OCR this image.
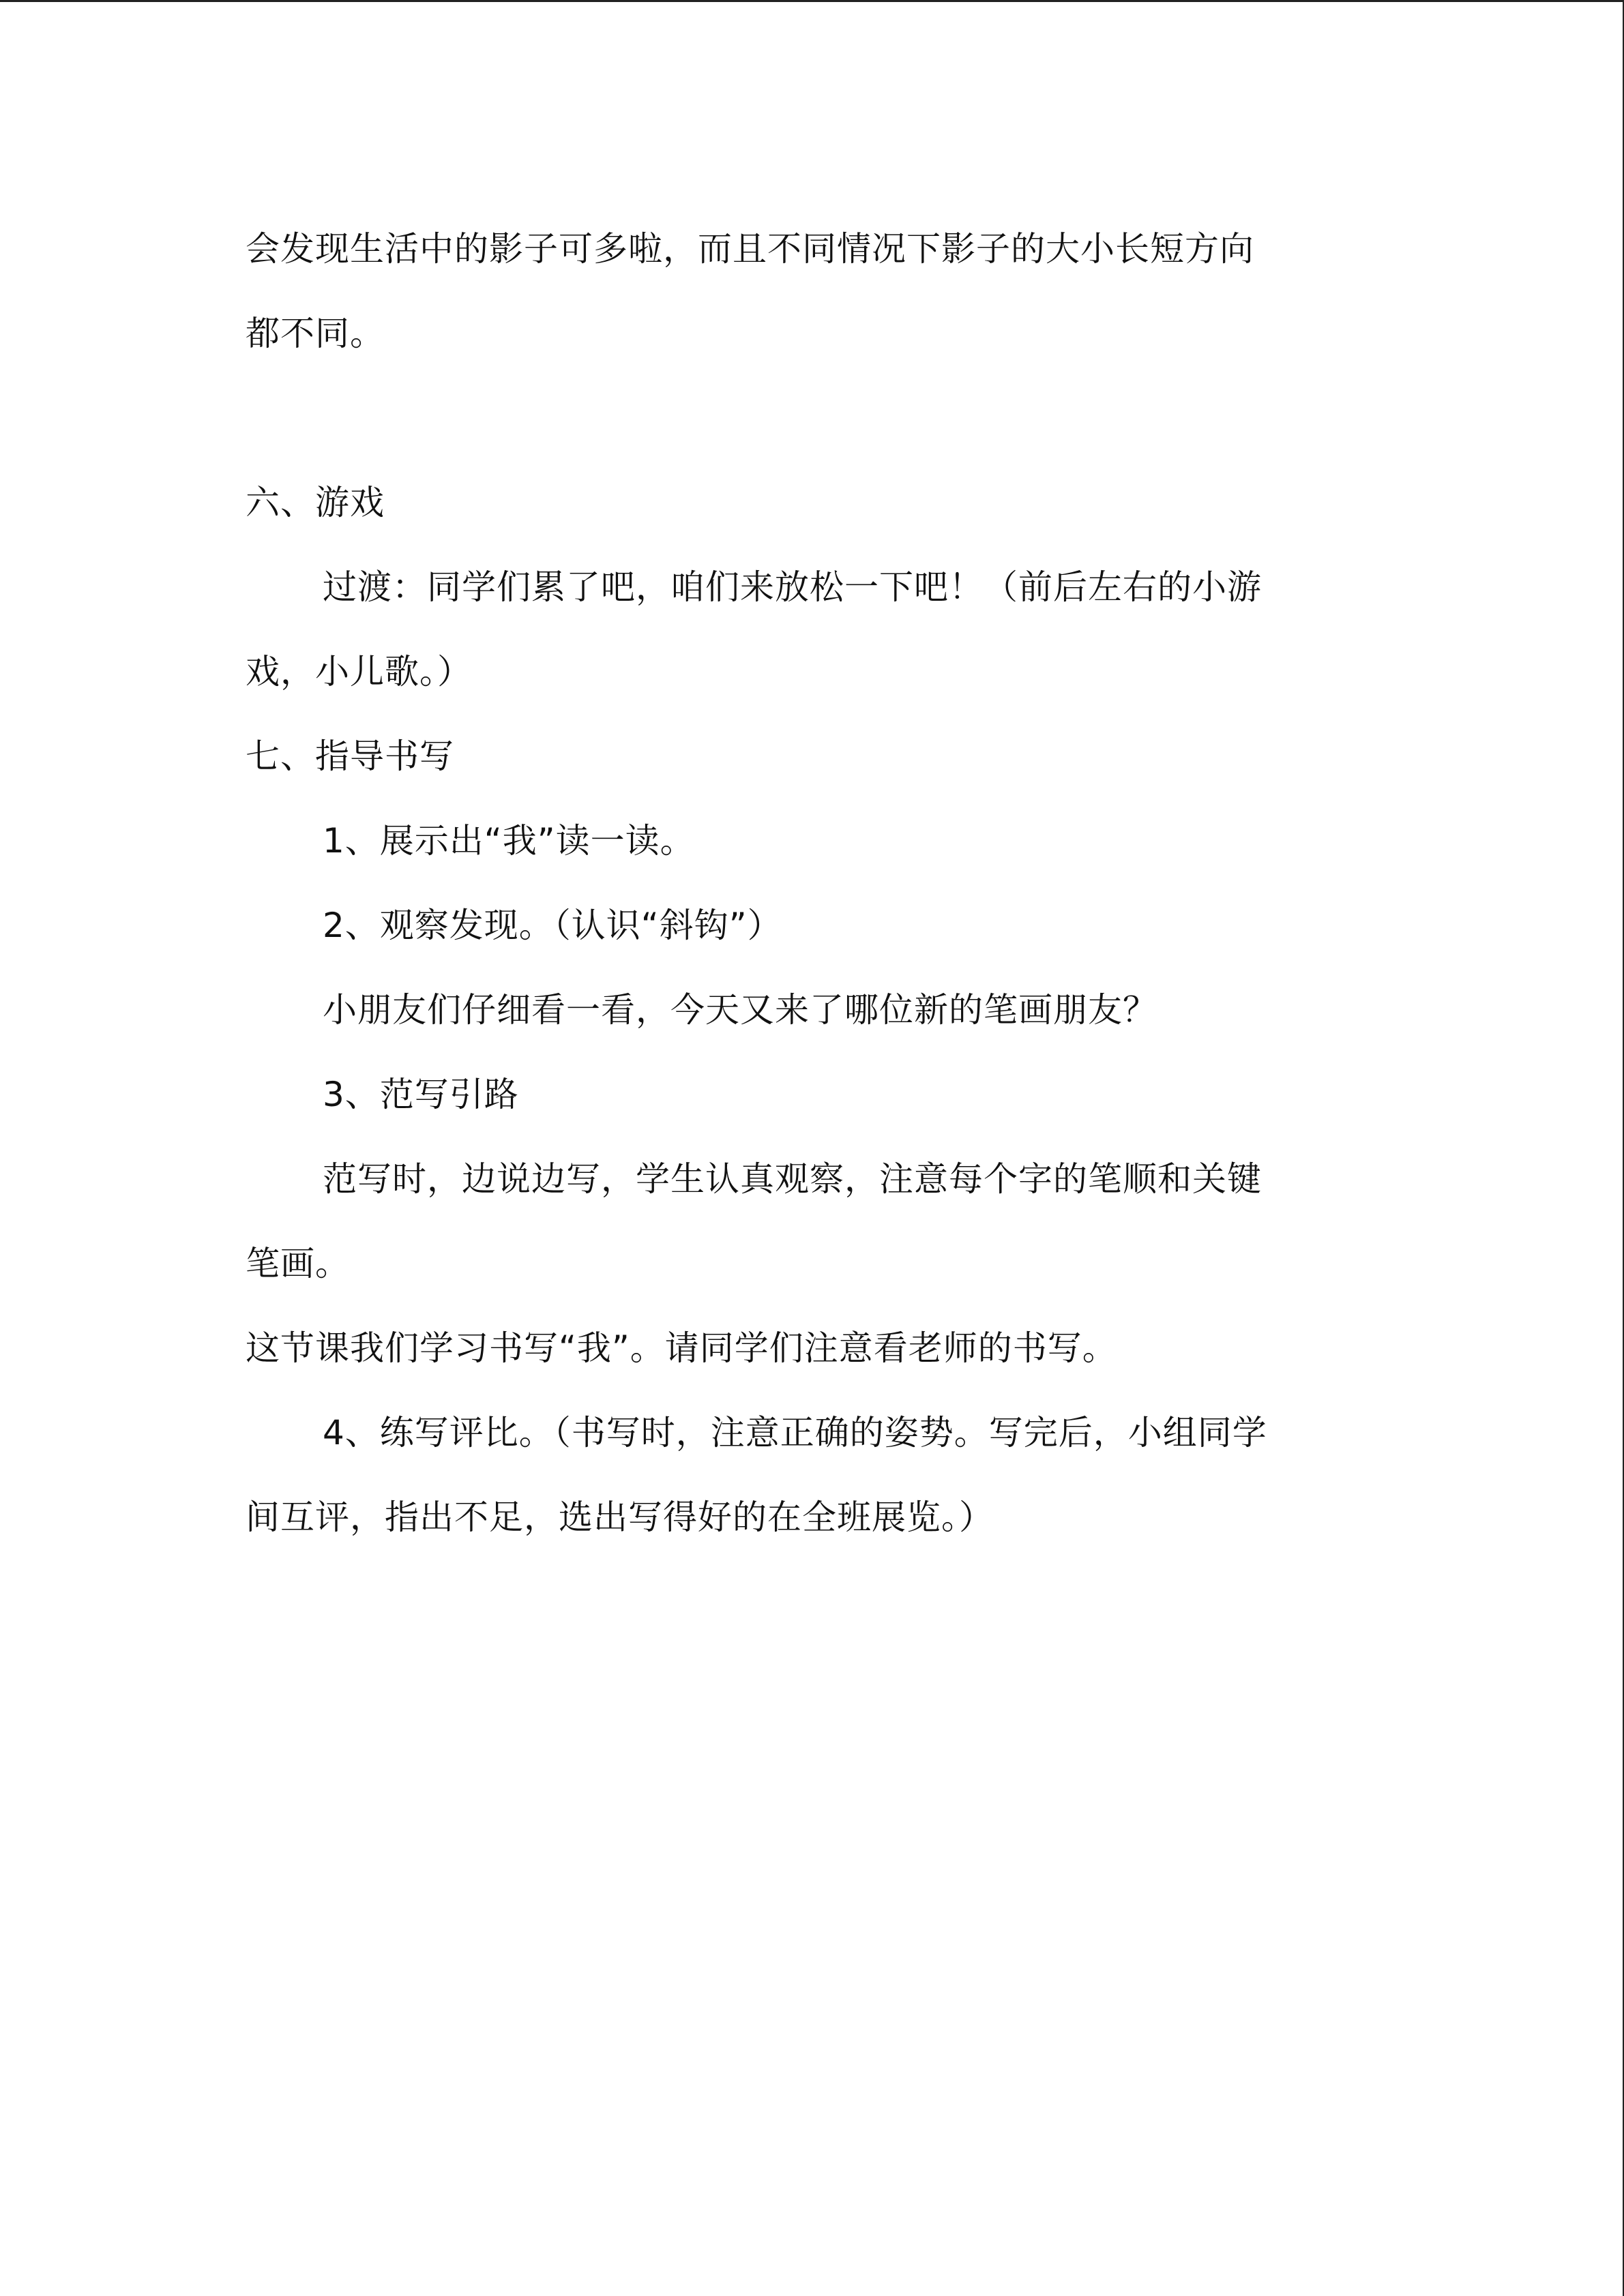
会发现生活中的影子可多啦，而且不同情况下影子的大小长短方向
都不同。
六、游戏
过渡：同学们累了吧，咱们来放松一下吧！（前后左右的小游
戏，小儿歌。）
七、指导书写
1、展示出“我”读一读。
2、观察发现。（认识“斜钩”）
小朋友们仔细看一看，今天又来了哪位新的笔画朋友？
3、范写引路
范写时，边说边写，学生认真观察，注意每个字的笔顺和关键
笔画。
这节课我们学习书写“我”。请同学们注意看老师的书写。
4、练写评比。（书写时，注意正确的姿势。写完后，小组同学
间互评，指出不足，选出写得好的在全班展览。）
